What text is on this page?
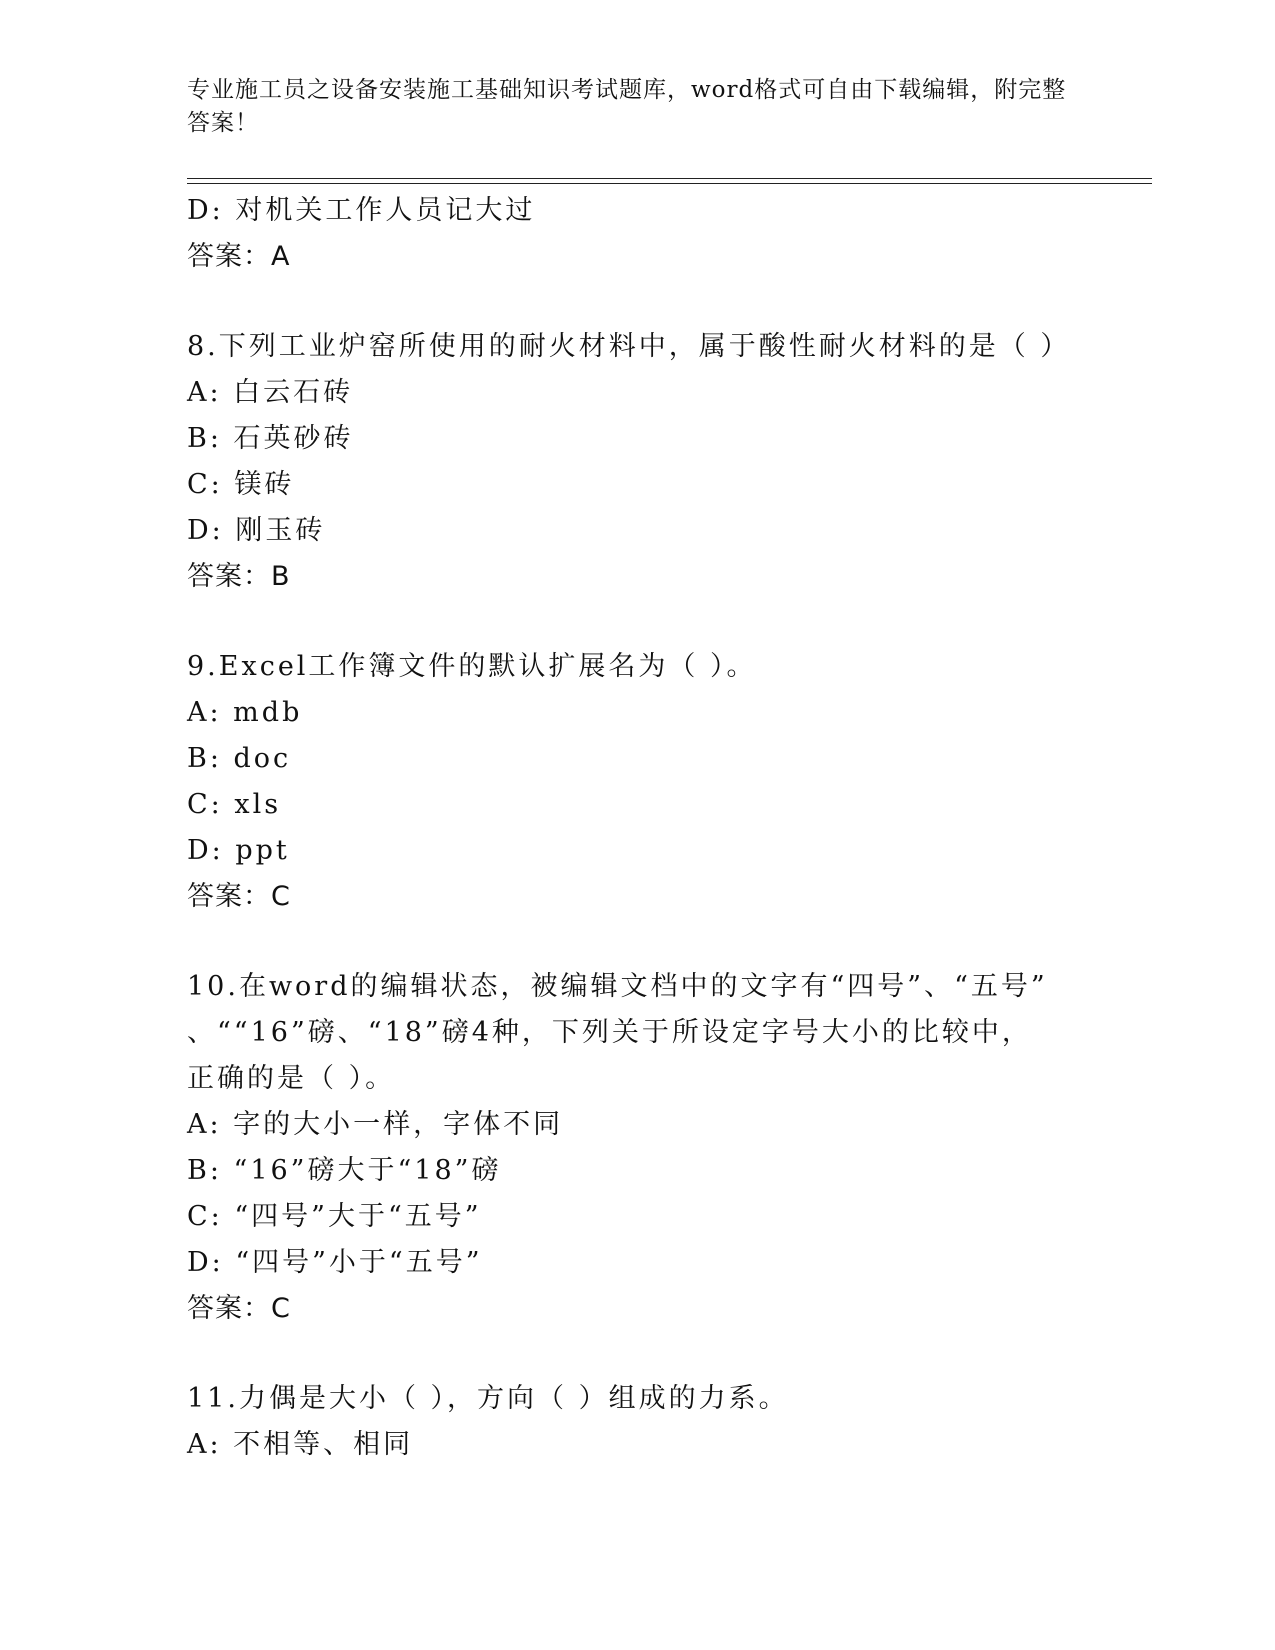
专业施工员之设备安装施工基础知识考试题库，word格式可自由下载编辑，附完整答案！
D: 对机关工作人员记大过
答案：A
8.下列工业炉窑所使用的耐火材料中，属于酸性耐火材料的是（ ）
A: 白云石砖
B: 石英砂砖
C: 镁砖
D: 刚玉砖
答案：B
9.Excel工作簿文件的默认扩展名为（ ）。
A: mdb
B: doc
C: xls
D: ppt
答案：C
10.在word的编辑状态，被编辑文档中的文字有“四号”、“五号”
、““16”磅、“18”磅4种，下列关于所设定字号大小的比较中，
正确的是（ ）。
A: 字的大小一样，字体不同
B: “16”磅大于“18”磅
C: “四号”大于“五号”
D: “四号”小于“五号”
答案：C
11.力偶是大小（ ），方向（ ）组成的力系。
A: 不相等、相同
